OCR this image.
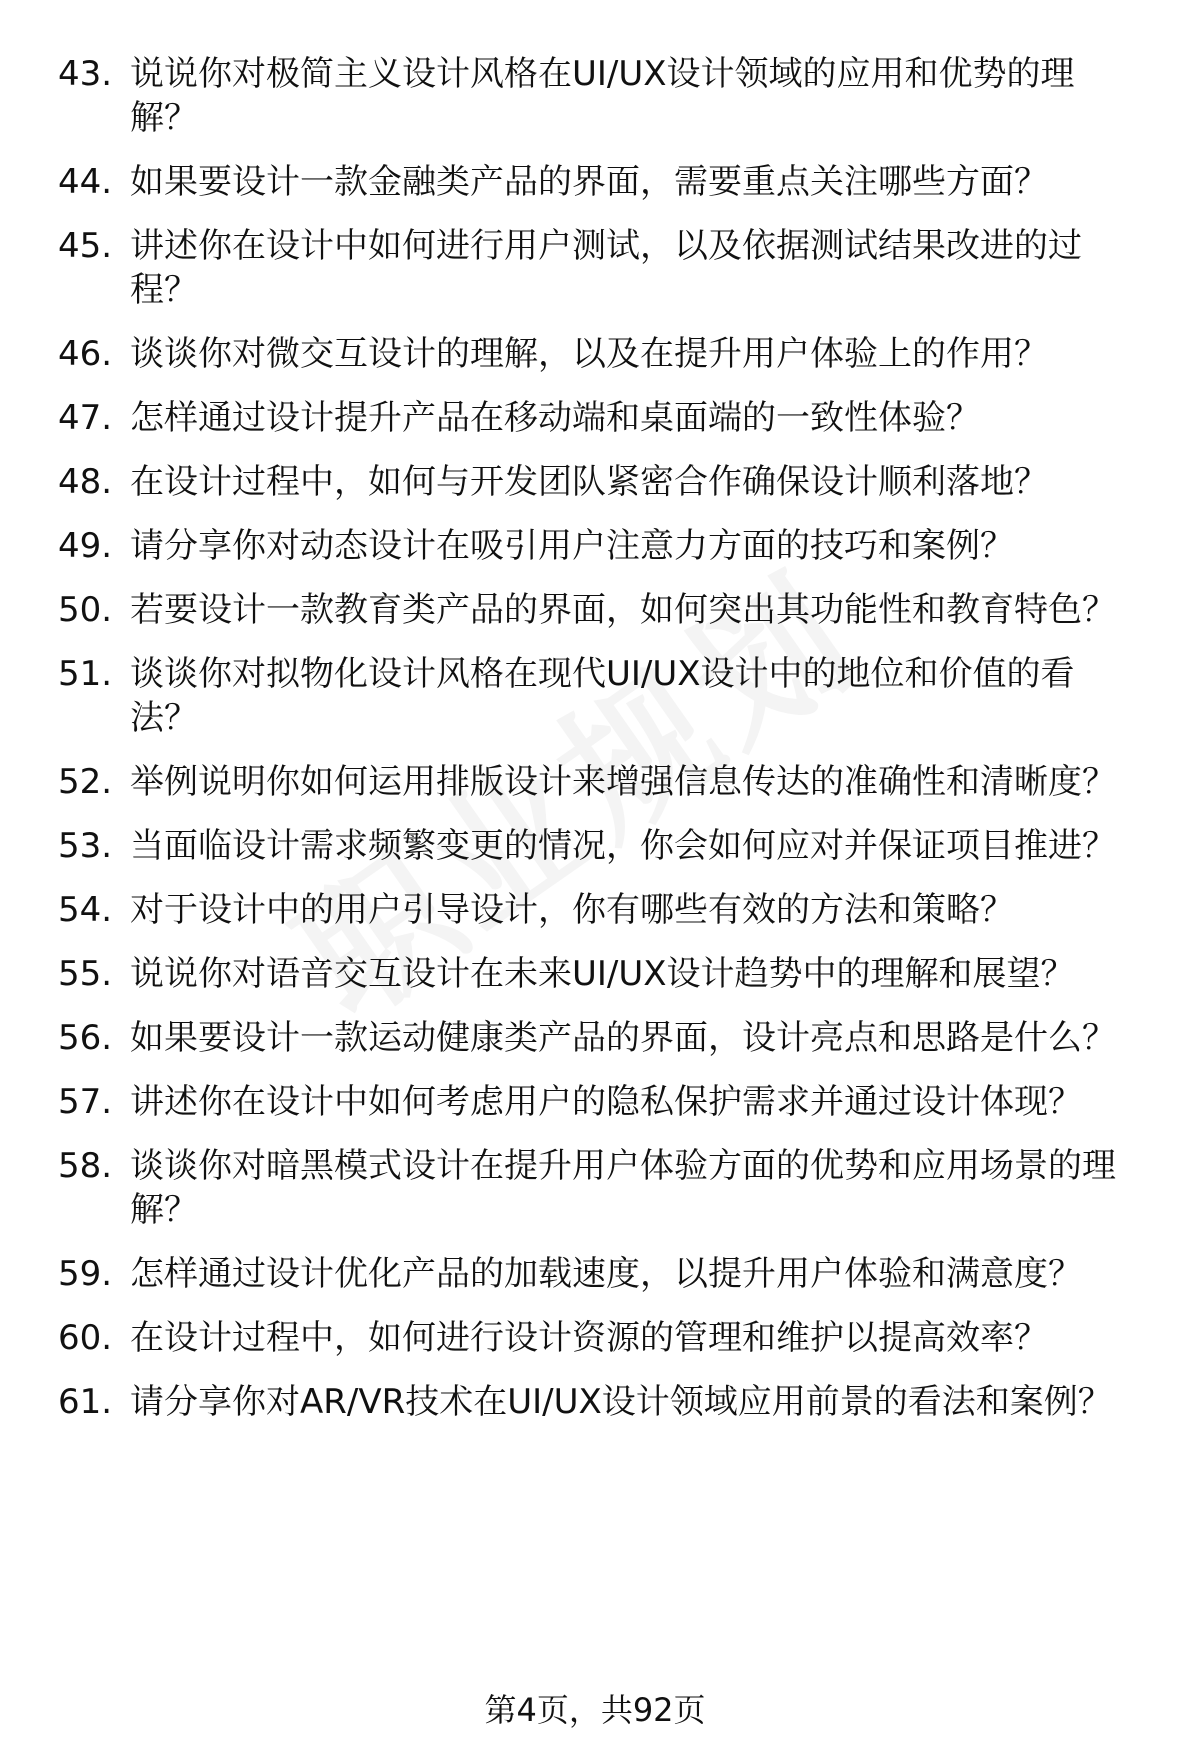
43. 说说你对极简主义设计风格在UI/UX设计领域的应用和优势的理解？
44. 如果要设计一款金融类产品的界面，需要重点关注哪些方面？
45. 讲述你在设计中如何进行用户测试，以及依据测试结果改进的过程？
46. 谈谈你对微交互设计的理解，以及在提升用户体验上的作用？
47. 怎样通过设计提升产品在移动端和桌面端的一致性体验？
48. 在设计过程中，如何与开发团队紧密合作确保设计顺利落地？
49. 请分享你对动态设计在吸引用户注意力方面的技巧和案例？
50. 若要设计一款教育类产品的界面，如何突出其功能性和教育特色？
51. 谈谈你对拟物化设计风格在现代UI/UX设计中的地位和价值的看法？
52. 举例说明你如何运用排版设计来增强信息传达的准确性和清晰度？
53. 当面临设计需求频繁变更的情况，你会如何应对并保证项目推进？
54. 对于设计中的用户引导设计，你有哪些有效的方法和策略？
55. 说说你对语音交互设计在未来UI/UX设计趋势中的理解和展望？
56. 如果要设计一款运动健康类产品的界面，设计亮点和思路是什么？
57. 讲述你在设计中如何考虑用户的隐私保护需求并通过设计体现？
58. 谈谈你对暗黑模式设计在提升用户体验方面的优势和应用场景的理解？
59. 怎样通过设计优化产品的加载速度，以提升用户体验和满意度？
60. 在设计过程中，如何进行设计资源的管理和维护以提高效率？
61. 请分享你对AR/VR技术在UI/UX设计领域应用前景的看法和案例？
第4页，共92页
